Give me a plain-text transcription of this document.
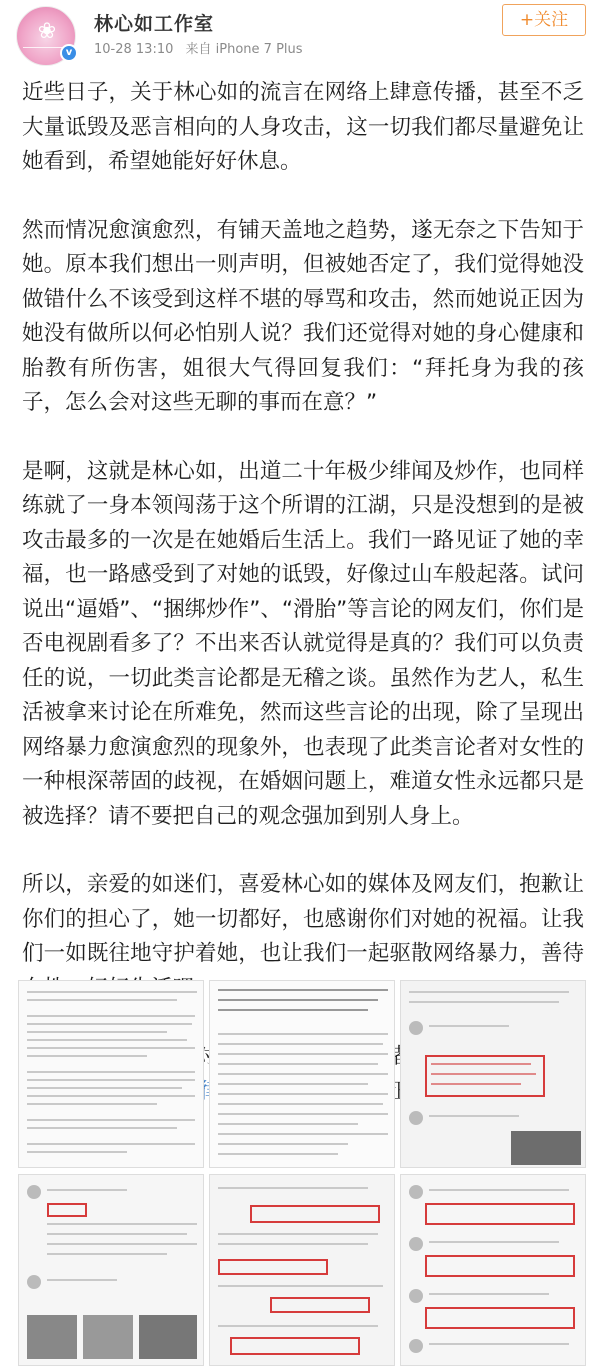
❀
v
林心如工作室
10-28 13:10 来自 iPhone 7 Plus
+关注

近些日子，关于林心如的流言在网络上肆意传播，甚至不乏大量诋毁及恶言相向的人身攻击，这一切我们都尽量避免让她看到，希望她能好好休息。

然而情况愈演愈烈，有铺天盖地之趋势，遂无奈之下告知于她。原本我们想出一则声明，但被她否定了，我们觉得她没做错什么不该受到这样不堪的辱骂和攻击，然而她说正因为她没有做所以何必怕别人说？我们还觉得对她的身心健康和胎教有所伤害，姐很大气得回复我们：“拜托身为我的孩子，怎么会对这些无聊的事而在意？”

是啊，这就是林心如，出道二十年极少绯闻及炒作，也同样练就了一身本领闯荡于这个所谓的江湖，只是没想到的是被攻击最多的一次是在她婚后生活上。我们一路见证了她的幸福，也一路感受到了对她的诋毁，好像过山车般起落。试问说出“逼婚”、“捆绑炒作”、“滑胎”等言论的网友们，你们是否电视剧看多了？不出来否认就觉得是真的？我们可以负责任的说，一切此类言论都是无稽之谈。虽然作为艺人，私生活被拿来讨论在所难免，然而这些言论的出现，除了呈现出网络暴力愈演愈烈的现象外，也表现了此类言论者对女性的一种根深蒂固的歧视，在婚姻问题上，难道女性永远都只是被选择？请不要把自己的观念强加到别人身上。

所以，亲爱的如迷们，喜爱林心如的媒体及网友们，抱歉让你们的担心了，她一切都好，也感谢你们对她的祝福。让我们一如既往地守护着她，也让我们一起驱散网络暴力，善待 。
